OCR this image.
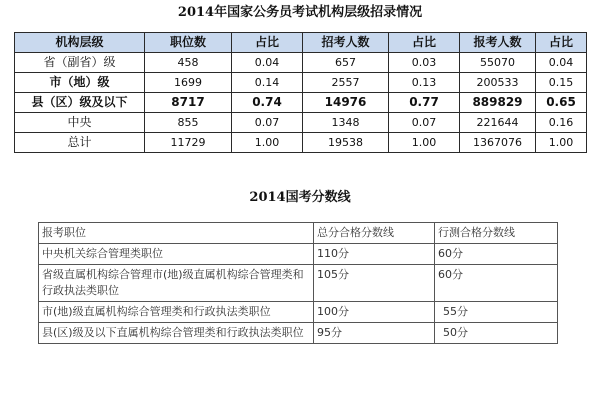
2014年国家公务员考试机构层级招录情况
机构层级	职位数	占比	招考人数	占比	报考人数	占比
省（副省）级	458	0.04	657	0.03	55070	0.04
市（地）级	1699	0.14	2557	0.13	200533	0.15
县（区）级及以下	8717	0.74	14976	0.77	889829	0.65
中央	855	0.07	1348	0.07	221644	0.16
总计	11729	1.00	19538	1.00	1367076	1.00
2014国考分数线
报考职位	总分合格分数线	行测合格分数线
中央机关综合管理类职位	110分	60分
省级直属机构综合管理市(地)级直属机构综合管理类和行政执法类职位	105分	60分
市(地)级直属机构综合管理类和行政执法类职位	100分	55分
县(区)级及以下直属机构综合管理类和行政执法类职位	95分	50分
